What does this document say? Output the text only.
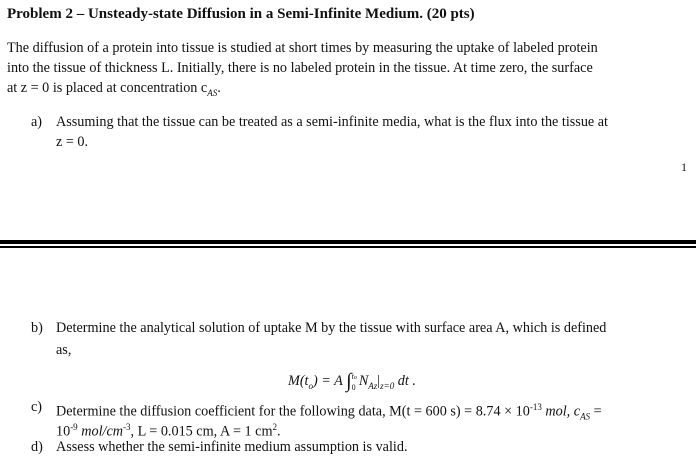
Problem 2 – Unsteady-state Diffusion in a Semi-Infinite Medium. (20 pts)
The diffusion of a protein into tissue is studied at short times by measuring the uptake of labeled protein
into the tissue of thickness L. Initially, there is no labeled protein in the tissue. At time zero, the surface
at z = 0 is placed at concentration $c_{AS}$.
a) Assuming that the tissue can be treated as a semi-infinite media, what is the flux into the tissue at
z = 0.
1
b) Determine the analytical solution of uptake M by the tissue with surface area A, which is defined
as,
$M(t_o) = A$ ∫ to
0 $N_{Az}|_{z=0}$ dt .
c) Determine the diffusion coefficient for the following data, M(t = 600 $s) = 8.74 \times 10^{-13}$ mol, $c_{AS}$ =
$10^{-9}$ mol/$cm^{-3}$, L = 0.015 cm, A = 1 $cm^2$.
d) Assess whether the semi-infinite medium assumption is valid.
